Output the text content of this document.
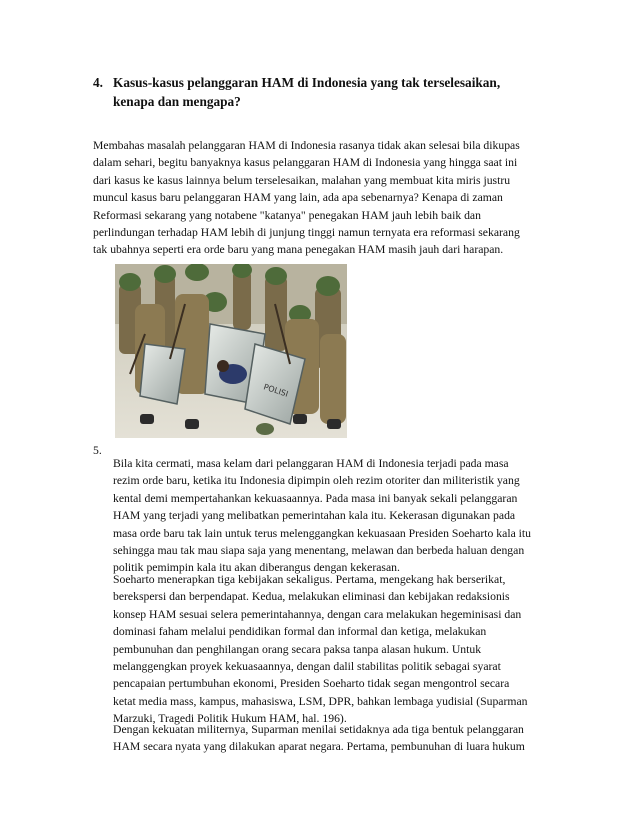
4. Kasus-kasus pelanggaran HAM di Indonesia yang tak terselesaikan,
kenapa dan mengapa?
Membahas masalah pelanggaran HAM di Indonesia rasanya tidak akan selesai bila dikupas
dalam sehari, begitu banyaknya kasus pelanggaran HAM di Indonesia yang hingga saat ini
dari kasus ke kasus lainnya belum terselesaikan, malahan yang membuat kita miris justru
muncul kasus baru pelanggaran HAM yang lain, ada apa sebenarnya? Kenapa di zaman
Reformasi sekarang yang notabene "katanya" penegakan HAM jauh lebih baik dan
perlindungan terhadap HAM lebih di junjung tinggi namun ternyata era reformasi sekarang
tak ubahnya seperti era orde baru yang mana penegakan HAM masih jauh dari harapan.
POLISI
5.
Bila kita cermati, masa kelam dari pelanggaran HAM di Indonesia terjadi pada masa
rezim orde baru, ketika itu Indonesia dipimpin oleh rezim otoriter dan militeristik yang
kental demi mempertahankan kekuasaannya. Pada masa ini banyak sekali pelanggaran
HAM yang terjadi yang melibatkan pemerintahan kala itu. Kekerasan digunakan pada
masa orde baru tak lain untuk terus melenggangkan kekuasaan Presiden Soeharto kala itu
sehingga mau tak mau siapa saja yang menentang, melawan dan berbeda haluan dengan
politik pemimpin kala itu akan diberangus dengan kekerasan.
Soeharto menerapkan tiga kebijakan sekaligus. Pertama, mengekang hak berserikat,
berekspersi dan berpendapat. Kedua, melakukan eliminasi dan kebijakan redaksionis
konsep HAM sesuai selera pemerintahannya, dengan cara melakukan hegeminisasi dan
dominasi faham melalui pendidikan formal dan informal dan ketiga, melakukan
pembunuhan dan penghilangan orang secara paksa tanpa alasan hukum. Untuk
melanggengkan proyek kekuasaannya, dengan dalil stabilitas politik sebagai syarat
pencapaian pertumbuhan ekonomi, Presiden Soeharto tidak segan mengontrol secara
ketat media mass, kampus, mahasiswa, LSM, DPR, bahkan lembaga yudisial (Suparman
Marzuki, Tragedi Politik Hukum HAM, hal. 196).
Dengan kekuatan militernya, Suparman menilai setidaknya ada tiga bentuk pelanggaran
HAM secara nyata yang dilakukan aparat negara. Pertama, pembunuhan di luara hukum
